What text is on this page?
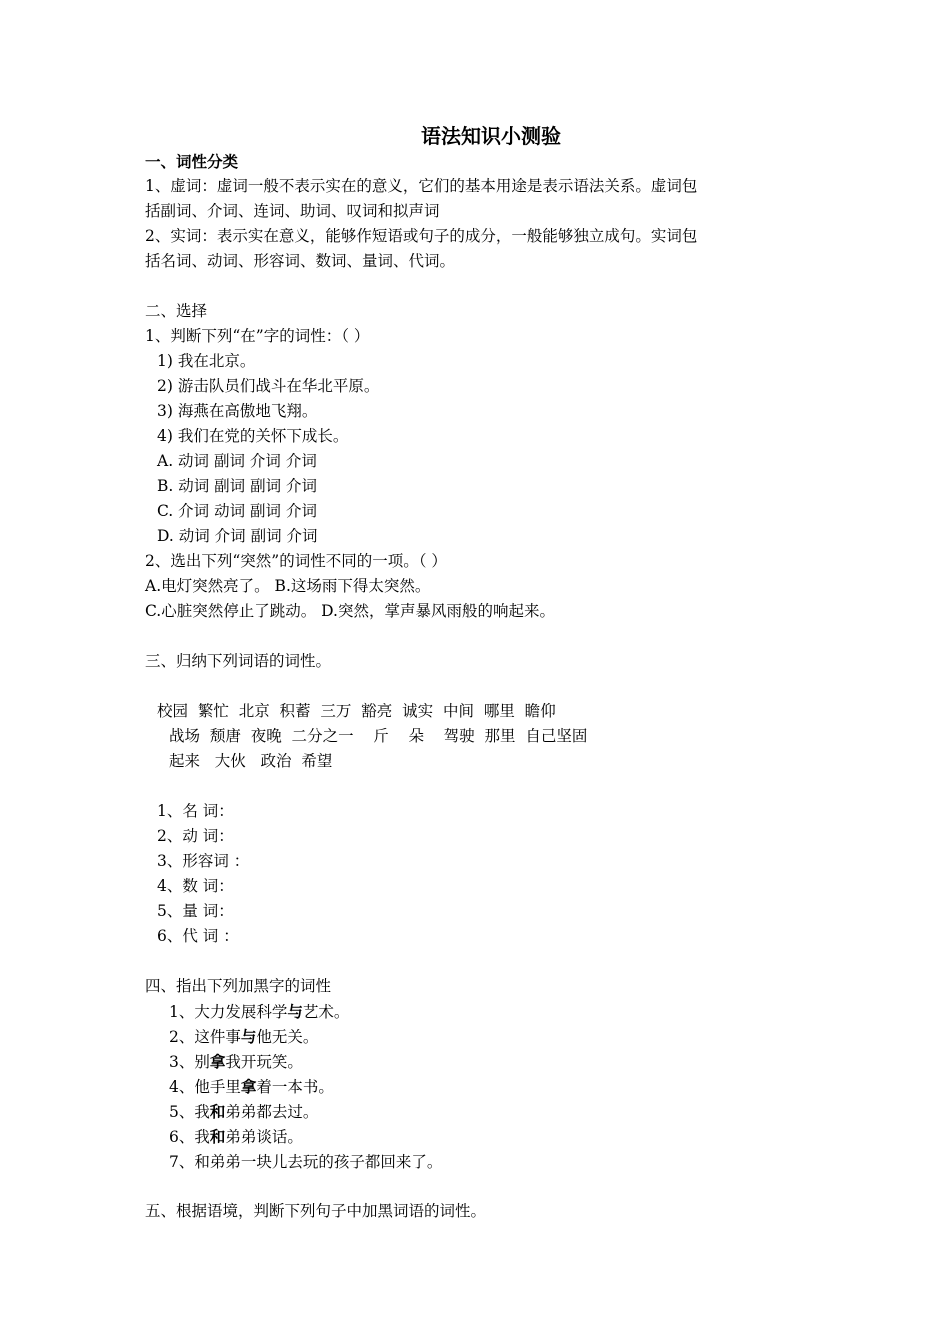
语法知识小测验
一、词性分类
1、虚词：虚词一般不表示实在的意义，它们的基本用途是表示语法关系。虚词包
括副词、介词、连词、助词、叹词和拟声词
2、实词：表示实在意义，能够作短语或句子的成分，一般能够独立成句。实词包
括名词、动词、形容词、数词、量词、代词。
二、选择
1、判断下列“在”字的词性：（ ）
1) 我在北京。
2) 游击队员们战斗在华北平原。
3) 海燕在高傲地飞翔。
4) 我们在党的关怀下成长。
A. 动词 副词 介词 介词
B. 动词 副词 副词 介词
C. 介词 动词 副词 介词
D. 动词 介词 副词 介词
2、选出下列“突然”的词性不同的一项。（ ）
A.电灯突然亮了。 B.这场雨下得太突然。
C.心脏突然停止了跳动。 D.突然，掌声暴风雨般的响起来。
三、归纳下列词语的词性。
校园  繁忙  北京  积蓄  三万  豁亮  诚实  中间  哪里  瞻仰
战场  颓唐  夜晚  二分之一    斤    朵    驾驶  那里  自己坚固
起来   大伙   政治  希望
1、名 词：
2、动 词：
3、形容词 ：
4、数 词：
5、量 词：
6、代 词 ：
四、指出下列加黑字的词性
1、大力发展科学与艺术。
2、这件事与他无关。
3、别拿我开玩笑。
4、他手里拿着一本书。
5、我和弟弟都去过。
6、我和弟弟谈话。
7、和弟弟一块儿去玩的孩子都回来了。
五、根据语境，判断下列句子中加黑词语的词性。
